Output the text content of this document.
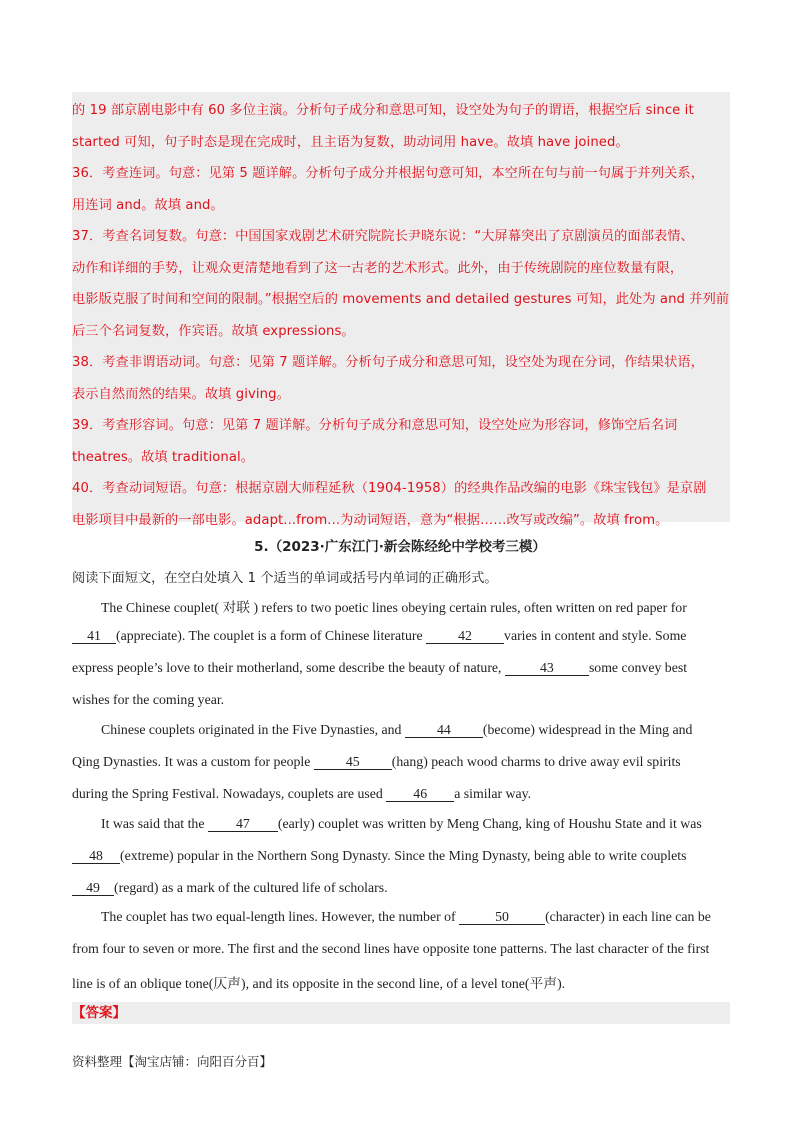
的 19 部京剧电影中有 60 多位主演。分析句子成分和意思可知，设空处为句子的谓语，根据空后 since it
started 可知，句子时态是现在完成时，且主语为复数，助动词用 have。故填 have joined。
36．考查连词。句意：见第 5 题详解。分析句子成分并根据句意可知，本空所在句与前一句属于并列关系，
用连词 and。故填 and。
37．考查名词复数。句意：中国国家戏剧艺术研究院院长尹晓东说：“大屏幕突出了京剧演员的面部表情、
动作和详细的手势，让观众更清楚地看到了这一古老的艺术形式。此外，由于传统剧院的座位数量有限，
电影版克服了时间和空间的限制。”根据空后的 movements and detailed gestures 可知，此处为 and 并列前
后三个名词复数，作宾语。故填 expressions。
38．考查非谓语动词。句意：见第 7 题详解。分析句子成分和意思可知，设空处为现在分词，作结果状语，
表示自然而然的结果。故填 giving。
39．考查形容词。句意：见第 7 题详解。分析句子成分和意思可知，设空处应为形容词，修饰空后名词
theatres。故填 traditional。
40．考查动词短语。句意：根据京剧大师程延秋（1904-1958）的经典作品改编的电影《珠宝钱包》是京剧
电影项目中最新的一部电影。adapt...from...为动词短语，意为“根据……改写或改编”。故填 from。
5.（2023·广东江门·新会陈经纶中学校考三模）
阅读下面短文，在空白处填入 1 个适当的单词或括号内单词的正确形式。
The Chinese couplet( 对联 ) refers to two poetic lines obeying certain rules, often written on red paper for
41 (appreciate). The couplet is a form of Chinese literature 42 varies in content and style. Some
express people’s love to their motherland, some describe the beauty of nature,	43	some convey best
wishes for the coming year.
Chinese couplets originated in the Five Dynasties, and 44 (become) widespread in the Ming and
Qing Dynasties. It was a custom for people 45 (hang) peach wood charms to drive away evil spirits
during the Spring Festival. Nowadays, couplets are used 46 a similar way.
It was said that the 47 (early) couplet was written by Meng Chang, king of Houshu State and it was
48 (extreme) popular in the Northern Song Dynasty. Since the Ming Dynasty, being able to write couplets
49 (regard) as a mark of the cultured life of scholars.
The couplet has two equal-length lines. However, the number of	50	(character) in each line can be
from four to seven or more. The first and the second lines have opposite tone patterns. The last character of the first
line is of an oblique tone(仄声), and its opposite in the second line, of a level tone(平声).
【答案】
资料整理【淘宝店铺：向阳百分百】
